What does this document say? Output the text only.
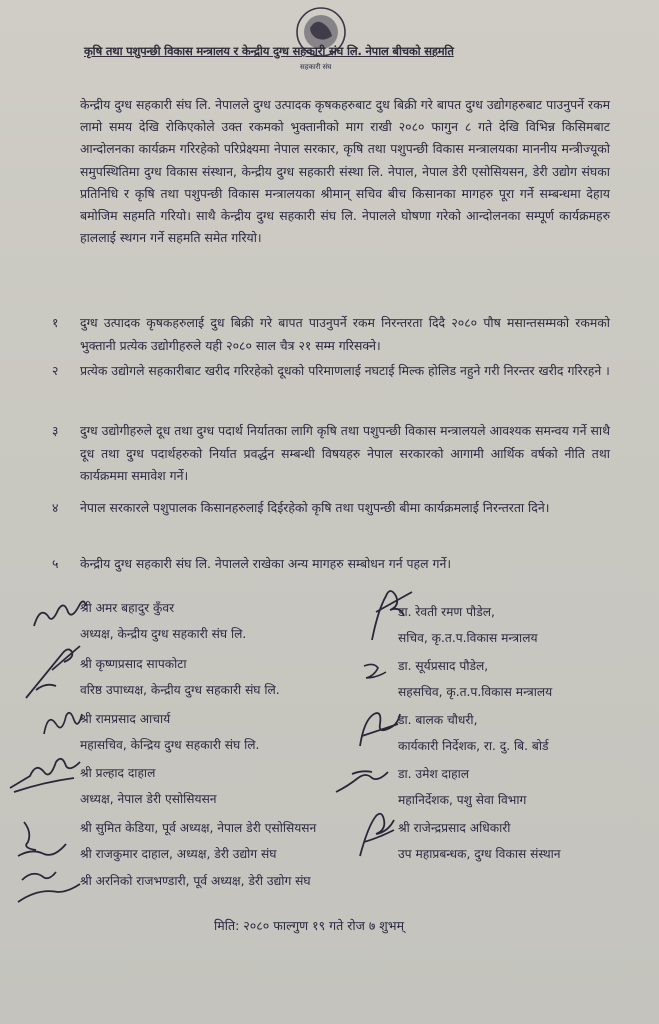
सहकारी संघ
कृषि तथा पशुपन्छी विकास मन्त्रालय र केन्द्रीय दुग्ध सहकारी संघ लि. नेपाल बीचको सहमति
केन्द्रीय दुग्ध सहकारी संघ लि. नेपालले दुग्ध उत्पादक कृषकहरुबाट दुध बिक्री गरे बापत दुग्ध उद्योगहरुबाट पाउनुपर्ने रकम लामो समय देखि रोकिएकोले उक्त रकमको भुक्तानीको माग राखी २०८० फागुन ८ गते देखि विभिन्न किसिमबाट आन्दोलनका कार्यक्रम गरिरहेको परिप्रेक्ष्यमा नेपाल सरकार, कृषि तथा पशुपन्छी विकास मन्त्रालयका माननीय मन्त्रीज्यूको समुपस्थितिमा दुग्ध विकास संस्थान, केन्द्रीय दुग्ध सहकारी संस्था लि. नेपाल, नेपाल डेरी एसोसियसन, डेरी उद्योग संघका प्रतिनिधि र कृषि तथा पशुपन्छी विकास मन्त्रालयका श्रीमान् सचिव बीच किसानका मागहरु पूरा गर्ने सम्बन्धमा देहाय बमोजिम सहमति गरियो। साथै केन्द्रीय दुग्ध सहकारी संघ लि. नेपालले घोषणा गरेको आन्दोलनका सम्पूर्ण कार्यक्रमहरु हाललाई स्थगन गर्ने सहमति समेत गरियो।
१	दुग्ध उत्पादक कृषकहरुलाई दुध बिक्री गरे बापत पाउनुपर्ने रकम निरन्तरता दिदै २०८० पौष मसान्तसम्मको रकमको भुक्तानी प्रत्येक उद्योगीहरुले यही २०८० साल चैत्र २१ सम्म गरिसक्ने।
२	प्रत्येक उद्योगले सहकारीबाट खरीद गरिरहेको दूधको परिमाणलाई नघटाई मिल्क होलिड नहुने गरी निरन्तर खरीद गरिरहने ।
३	दुग्ध उद्योगीहरुले दूध तथा दुग्ध पदार्थ निर्यातका लागि कृषि तथा पशुपन्छी विकास मन्त्रालयले आवश्यक समन्वय गर्ने साथै दूध तथा दुग्ध पदार्थहरुको निर्यात प्रवर्द्धन सम्बन्धी विषयहरु नेपाल सरकारको आगामी आर्थिक वर्षको नीति तथा कार्यक्रममा समावेश गर्ने।
४	नेपाल सरकारले पशुपालक किसानहरुलाई दिईरहेको कृषि तथा पशुपन्छी बीमा कार्यक्रमलाई निरन्तरता दिने।
५	केन्द्रीय दुग्ध सहकारी संघ लि. नेपालले राखेका अन्य मागहरु सम्बोधन गर्न पहल गर्ने।
श्री अमर बहादुर कुँवर
अध्यक्ष, केन्द्रीय दुग्ध सहकारी संघ लि.
श्री कृष्णप्रसाद सापकोटा
वरिष्ठ उपाध्यक्ष, केन्द्रीय दुग्ध सहकारी संघ लि.
श्री रामप्रसाद आचार्य
महासचिव, केन्द्रिय दुग्ध सहकारी संघ लि.
श्री प्रल्हाद दाहाल
अध्यक्ष, नेपाल डेरी एसोसियसन
श्री सुमित केडिया, पूर्व अध्यक्ष, नेपाल डेरी एसोसियसन
श्री राजकुमार दाहाल, अध्यक्ष, डेरी उद्योग संघ
श्री अरनिको राजभण्डारी, पूर्व अध्यक्ष, डेरी उद्योग संघ
डा. रेवती रमण पौडेल,
सचिव, कृ.त.प.विकास मन्त्रालय
डा. सूर्यप्रसाद पौडेल,
सहसचिव, कृ.त.प.विकास मन्त्रालय
डा. बालक चौधरी,
कार्यकारी निर्देशक, रा. दु. बि. बोर्ड
डा. उमेश दाहाल
महानिर्देशक, पशु सेवा विभाग
श्री राजेन्द्रप्रसाद अधिकारी
उप महाप्रबन्धक, दुग्ध विकास संस्थान
मिति: २०८० फाल्गुण १९ गते रोज ७ शुभम्
